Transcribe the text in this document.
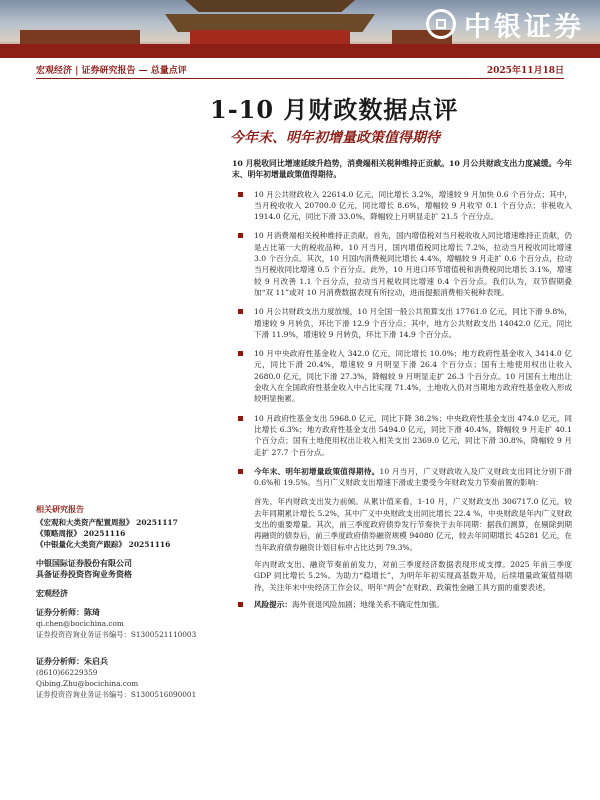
中银证券
宏观经济 | 证券研究报告 — 总量点评	2025年11月18日
1-10 月财政数据点评
今年末、明年初增量政策值得期待
10 月税收同比增速延续升趋势，消费端相关税种维持正贡献。10 月公共财政支出力度减缓。今年末、明年初增量政策值得期待。
10 月公共财政收入 22614.0 亿元，同比增长 3.2%，增速较 9 月加快 0.6 个百分点；其中，当月税收收入 20700.0 亿元，同比增长 8.6%，增幅较 9 月收窄 0.1 个百分点；非税收入 1914.0 亿元，同比下滑 33.0%，降幅较上月明显走扩 21.5 个百分点。
10 月消费端相关税种维持正贡献。首先，国内增值税对当月税收收入同比增速维持正贡献，仍是占比第一大的税收品种。10 月当月，国内增值税同比增长 7.2%，拉动当月税收同比增速 3.0 个百分点。其次，10 月国内消费税同比增长 4.4%，增幅较 9 月走扩 0.6 个百分点，拉动当月税收同比增速 0.5 个百分点。此外，10 月进口环节增值税和消费税同比增长 3.1%，增速较 9 月改善 1.1 个百分点，拉动当月税收同比增速 0.4 个百分点。我们认为，双节假期叠加“双 11”或对 10 月消费数据表现有所拉动，进而提振消费相关税种表现。
10 月公共财政支出力度放缓，10 月全国一般公共预算支出 17761.0 亿元，同比下滑 9.8%，增速较 9 月转负，环比下滑 12.9 个百分点；其中，地方公共财政支出 14042.0 亿元，同比下滑 11.9%，增速较 9 月转负，环比下滑 14.9 个百分点。
10 月中央政府性基金收入 342.0 亿元，同比增长 10.0%；地方政府性基金收入 3414.0 亿元，同比下滑 20.4%，增速较 9 月明显下滑 26.4 个百分点；国有土地使用权出让收入 2680.0 亿元，同比下滑 27.3%，降幅较 9 月明显走扩 26.3 个百分点。10 月国有土地出让金收入在全国政府性基金收入中占比实现 71.4%，土地收入仍对当期地方政府性基金收入形成较明显拖累。
10 月政府性基金支出 5968.0 亿元，同比下降 38.2%；中央政府性基金支出 474.0 亿元，同比增长 6.3%；地方政府性基金支出 5494.0 亿元，同比下滑 40.4%，降幅较 9 月走扩 40.1 个百分点；国有土地使用权出让收入相关支出 2369.0 亿元，同比下滑 30.8%，降幅较 9 月走扩 27.7 个百分点。
今年末、明年初增量政策值得期待。10 月当月，广义财政收入及广义财政支出同比分别下滑 0.6%和 19.5%。当月广义财政支出增速下滑或主要受今年财政发力节奏前置的影响：
首先，年内财政支出发力前倾。从累计值来看，1-10 月，广义财政支出 306717.0 亿元，较去年同期累计增长 5.2%，其中广义中央财政支出同比增长 22.4 %，中央财政是年内广义财政支出的重要增量。其次，前三季度政府债券发行节奏快于去年同期：据我们测算，在剔除到期再融资的债券后，前三季度政府债券融资规模 94080 亿元，较去年同期增长 45281 亿元，在当年政府债券融资计划目标中占比达到 79.3%。
年内财政支出、融资节奏前前发力，对前三季度经济数据表现形成支撑。2025 年前三季度 GDP 同比增长 5.2%。为助力“稳增长”，为明年年初实现高基数开局，后续增量政策值得期待，关注年末中央经济工作会议、明年“两会”在财政、政策性金融工具方面的重要表述。
风险提示：海外衰退风险加剧；地缘关系不确定性加强。
相关研究报告
《宏观和大类资产配置周报》 20251117
《策略周报》 20251116
《中银量化大类资产跟踪》 20251116
中银国际证券股份有限公司
具备证券投资咨询业务资格
宏观经济
证券分析师：陈琦
qi.chen@bocichina.com
证券投资咨询业务证书编号：S1300521110003
证券分析师：朱启兵
(8610)66229359
Qibing.Zhu@bocichina.com
证券投资咨询业务证书编号：S1300516090001
